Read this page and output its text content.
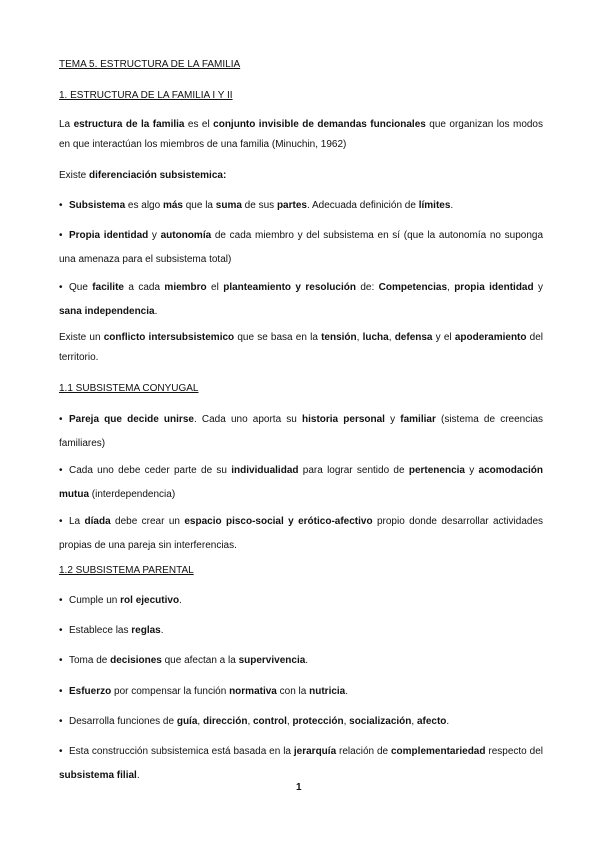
TEMA 5. ESTRUCTURA DE LA FAMILIA
1. ESTRUCTURA DE LA FAMILIA I Y II
La estructura de la familia es el conjunto invisible de demandas funcionales que organizan los modos en que interactúan los miembros de una familia (Minuchin, 1962)
Existe diferenciación subsistemica:
• Subsistema es algo más que la suma de sus partes. Adecuada definición de límites.
• Propia identidad y autonomía de cada miembro y del subsistema en sí (que la autonomía no suponga una amenaza para el subsistema total)
• Que facilite a cada miembro el planteamiento y resolución de: Competencias, propia identidad y sana independencia.
Existe un conflicto intersubsistemico que se basa en la tensión, lucha, defensa y el apoderamiento del territorio.
1.1 SUBSISTEMA CONYUGAL
• Pareja que decide unirse. Cada uno aporta su historia personal y familiar (sistema de creencias familiares)
• Cada uno debe ceder parte de su individualidad para lograr sentido de pertenencia y acomodación mutua (interdependencia)
• La díada debe crear un espacio pisco-social y erótico-afectivo propio donde desarrollar actividades propias de una pareja sin interferencias.
1.2 SUBSISTEMA PARENTAL
• Cumple un rol ejecutivo.
• Establece las reglas.
• Toma de decisiones que afectan a la supervivencia.
• Esfuerzo por compensar la función normativa con la nutricia.
• Desarrolla funciones de guía, dirección, control, protección, socialización, afecto.
• Esta construcción subsistemica está basada en la jerarquía relación de complementariedad respecto del subsistema filial.
1
